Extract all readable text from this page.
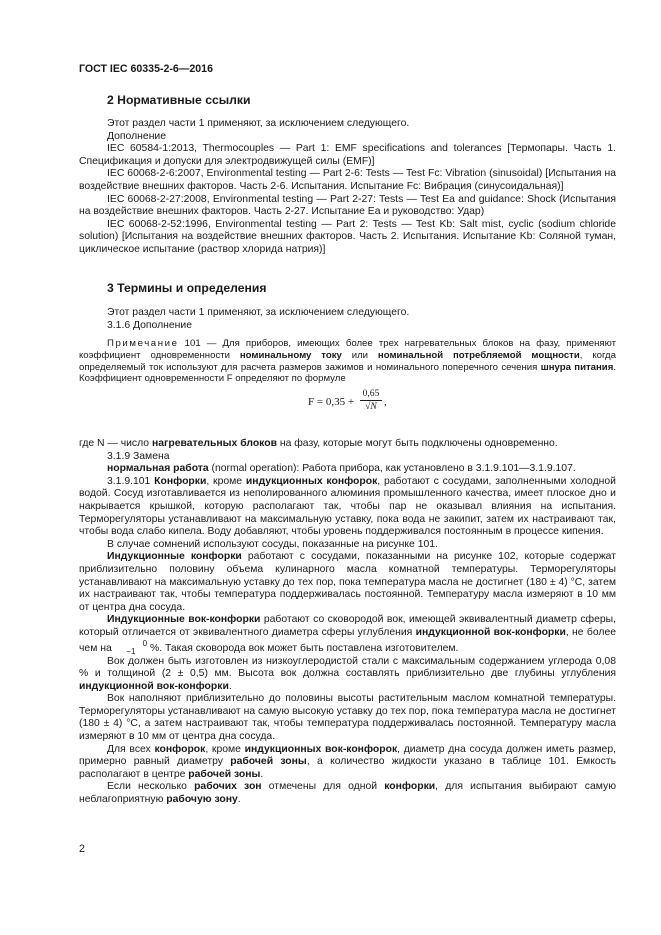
ГОСТ IEC 60335-2-6—2016
2 Нормативные ссылки

Этот раздел части 1 применяют, за исключением следующего.

Дополнение

IEC 60584-1:2013, Thermocouples — Part 1: EMF specifications and tolerances [Термопары. Часть 1. Спецификация и допуски для электродвижущей силы (EMF)]

IEC 60068-2-6:2007, Environmental testing — Part 2-6: Tests — Test Fc: Vibration (sinusoidal) [Испытания на воздействие внешних факторов. Часть 2-6. Испытания. Испытание Fc: Вибрация (синусоидальная)]

IEC 60068-2-27:2008, Environmental testing — Part 2-27: Tests — Test Ea and guidance: Shock (Испытания на воздействие внешних факторов. Часть 2-27. Испытание Ea и руководство: Удар)

IEC 60068-2-52:1996, Environmental testing — Part 2: Tests — Test Kb: Salt mist, cyclic (sodium chloride solution) [Испытания на воздействие внешних факторов. Часть 2. Испытания. Испытание Kb: Соляной туман, циклическое испытание (раствор хлорида натрия)]

3 Термины и определения

Этот раздел части 1 применяют, за исключением следующего.

3.1.6 Дополнение

Примечание 101 — Для приборов, имеющих более трех нагревательных блоков на фазу, применяют коэффициент одновременности номинальному току или номинальной потребляемой мощности, когда определяемый ток используют для расчета размеров зажимов и номинального поперечного сечения шнура питания. Коэффициент одновременности F определяют по формуле

$F = 0,35 + \frac{0,65}{√N}$ ,

где N — число нагревательных блоков на фазу, которые могут быть подключены одновременно.

3.1.9 Замена

нормальная работа (normal operation): Работа прибора, как установлено в 3.1.9.101—3.1.9.107.

3.1.9.101 Конфорки, кроме индукционных конфорок, работают с сосудами, заполненными холодной водой. Сосуд изготавливается из неполированного алюминия промышленного качества, имеет плоское дно и накрывается крышкой, которую располагают так, чтобы пар не оказывал влияния на испытания. Терморегуляторы устанавливают на максимальную уставку, пока вода не закипит, затем их настраивают так, чтобы вода слабо кипела. Воду добавляют, чтобы уровень поддерживался постоянным в процессе кипения.

В случае сомнений используют сосуды, показанные на рисунке 101.

Индукционные конфорки работают с сосудами, показанными на рисунке 102, которые содержат приблизительно половину объема кулинарного масла комнатной температуры. Терморегуляторы устанавливают на максимальную уставку до тех пор, пока температура масла не достигнет (180 ± 4) °C, затем их настраивают так, чтобы температура поддерживалась постоянной. Температуру масла измеряют в 10 мм от центра дна сосуда.

Индукционные вок-конфорки работают со сковородой вок, имеющей эквивалентный диаметр сферы, который отличается от эквивалентного диаметра сферы углубления индукционной вок-конфорки, не более чем на	0
−1 %. Такая сковорода вок может быть поставлена изготовителем.

Вок должен быть изготовлен из низкоуглеродистой стали с максимальным содержанием углерода 0,08 % и толщиной (2 ± 0,5) мм. Высота вок должна составлять приблизительно две глубины углубления индукционной вок-конфорки.

Вок наполняют приблизительно до половины высоты растительным маслом комнатной температуры. Терморегуляторы устанавливают на самую высокую уставку до тех пор, пока температура масла не достигнет (180 ± 4) °C, а затем настраивают так, чтобы температура поддерживалась постоянной. Температуру масла измеряют в 10 мм от центра дна сосуда.

Для всех конфорок, кроме индукционных вок-конфорок, диаметр дна сосуда должен иметь размер, примерно равный диаметру рабочей зоны, а количество жидкости указано в таблице 101. Емкость располагают в центре рабочей зоны.

Если несколько рабочих зон отмечены для одной конфорки, для испытания выбирают самую неблагоприятную рабочую зону.

2
